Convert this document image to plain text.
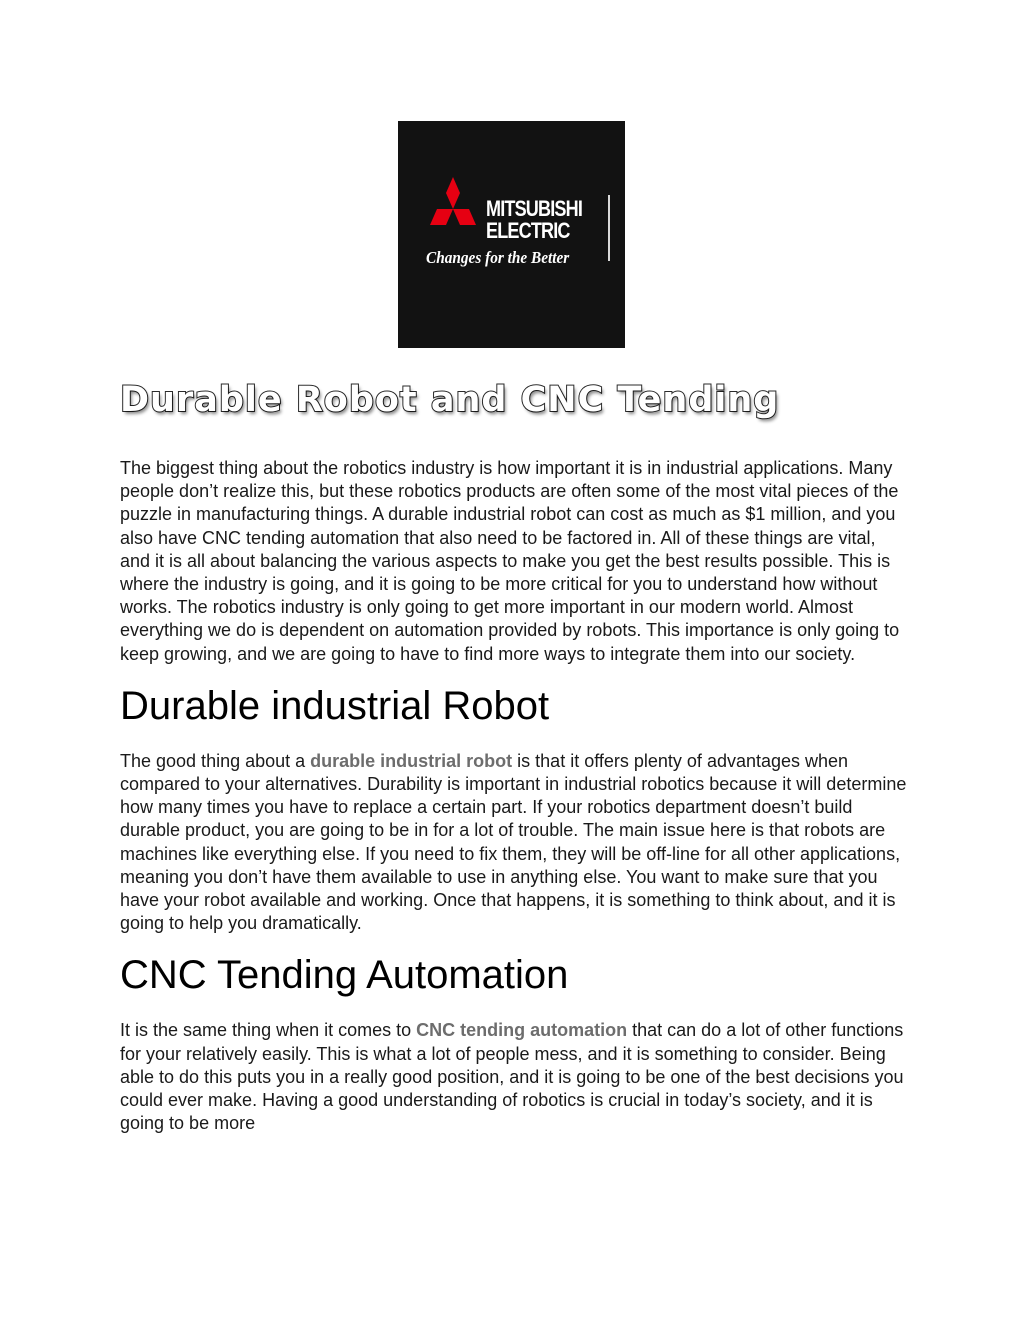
MITSUBISHI
ELECTRIC
Changes for the Better
Durable Robot and CNC Tending

The biggest thing about the robotics industry is how important it is in industrial applications. Many people don’t realize this, but these robotics products are often some of the most vital pieces of the puzzle in manufacturing things. A durable industrial robot can cost as much as $1 million, and you also have CNC tending automation that also need to be factored in. All of these things are vital, and it is all about balancing the various aspects to make you get the best results possible. This is where the industry is going, and it is going to be more critical for you to understand how without works. The robotics industry is only going to get more important in our modern world. Almost everything we do is dependent on automation provided by robots. This importance is only going to keep growing, and we are going to have to find more ways to integrate them into our society.

Durable industrial Robot

The good thing about a durable industrial robot is that it offers plenty of advantages when compared to your alternatives. Durability is important in industrial robotics because it will determine how many times you have to replace a certain part. If your robotics department doesn’t build durable product, you are going to be in for a lot of trouble. The main issue here is that robots are machines like everything else. If you need to fix them, they will be off-line for all other applications, meaning you don’t have them available to use in anything else. You want to make sure that you have your robot available and working. Once that happens, it is something to think about, and it is going to help you dramatically.

CNC Tending Automation

It is the same thing when it comes to CNC tending automation that can do a lot of other functions for your relatively easily. This is what a lot of people mess, and it is something to consider. Being able to do this puts you in a really good position, and it is going to be one of the best decisions you could ever make. Having a good understanding of robotics is crucial in today’s society, and it is going to be more
